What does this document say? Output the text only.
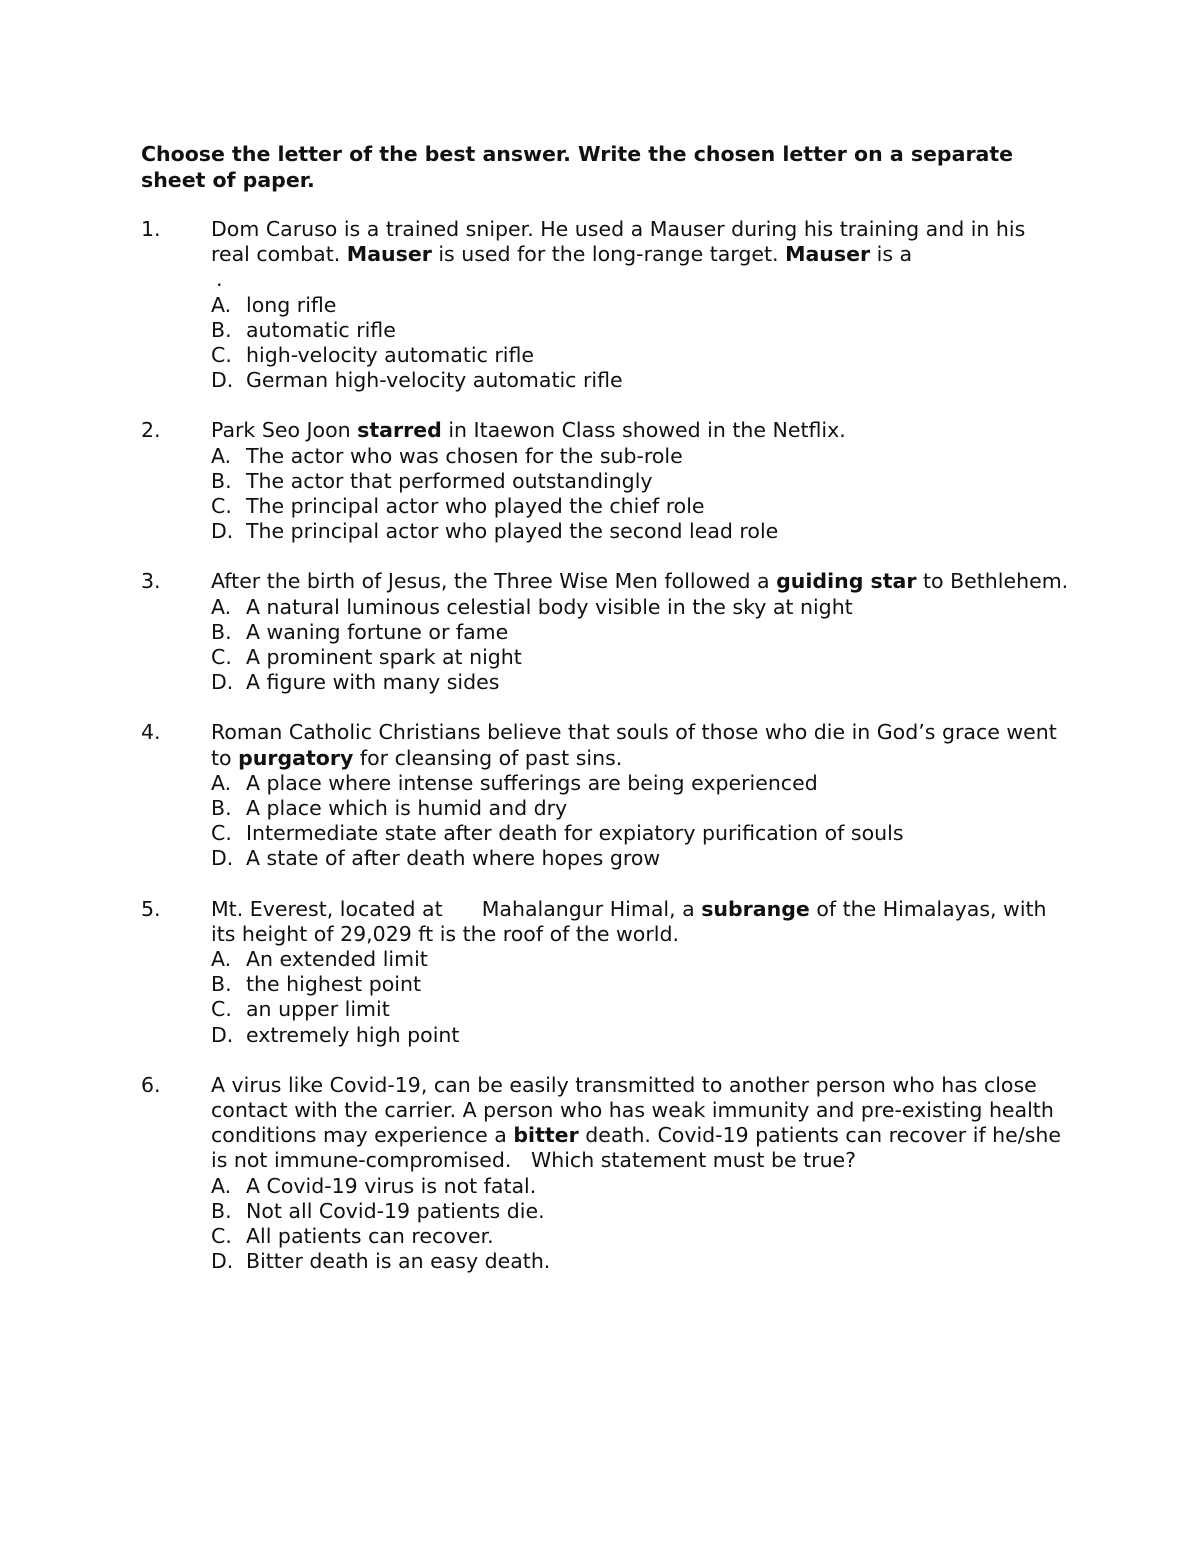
Choose the letter of the best answer. Write the chosen letter on a separate sheet of paper.

1.	Dom Caruso is a trained sniper. He used a Mauser during his training and in his real combat. Mauser is used for the long-range target. Mauser is a
.
A. long rifle
B. automatic rifle
C. high-velocity automatic rifle
D. German high-velocity automatic rifle
2.	Park Seo Joon starred in Itaewon Class showed in the Netflix.
A. The actor who was chosen for the sub-role
B. The actor that performed outstandingly
C. The principal actor who played the chief role
D. The principal actor who played the second lead role
3. After the birth of Jesus, the Three Wise Men followed a guiding star to Bethlehem.
A. A natural luminous celestial body visible in the sky at night
B. A waning fortune or fame
C. A prominent spark at night
D. A figure with many sides
4.	Roman Catholic Christians believe that souls of those who die in God’s grace went to purgatory for cleansing of past sins.
A. A place where intense sufferings are being experienced
B. A place which is humid and dry
C. Intermediate state after death for expiatory purification of souls
D. A state of after death where hopes grow
5.	Mt. Everest, located at      Mahalangur Himal, a subrange of the Himalayas, with its height of 29,029 ft is the roof of the world.
A. An extended limit
B. the highest point
C. an upper limit
D. extremely high point
6.	A virus like Covid-19, can be easily transmitted to another person who has close contact with the carrier. A person who has weak immunity and pre-existing health conditions may experience a bitter death. Covid-19 patients can recover if he/she is not immune-compromised.   Which statement must be true?
A. A Covid-19 virus is not fatal.
B. Not all Covid-19 patients die.
C. All patients can recover.
D. Bitter death is an easy death.
